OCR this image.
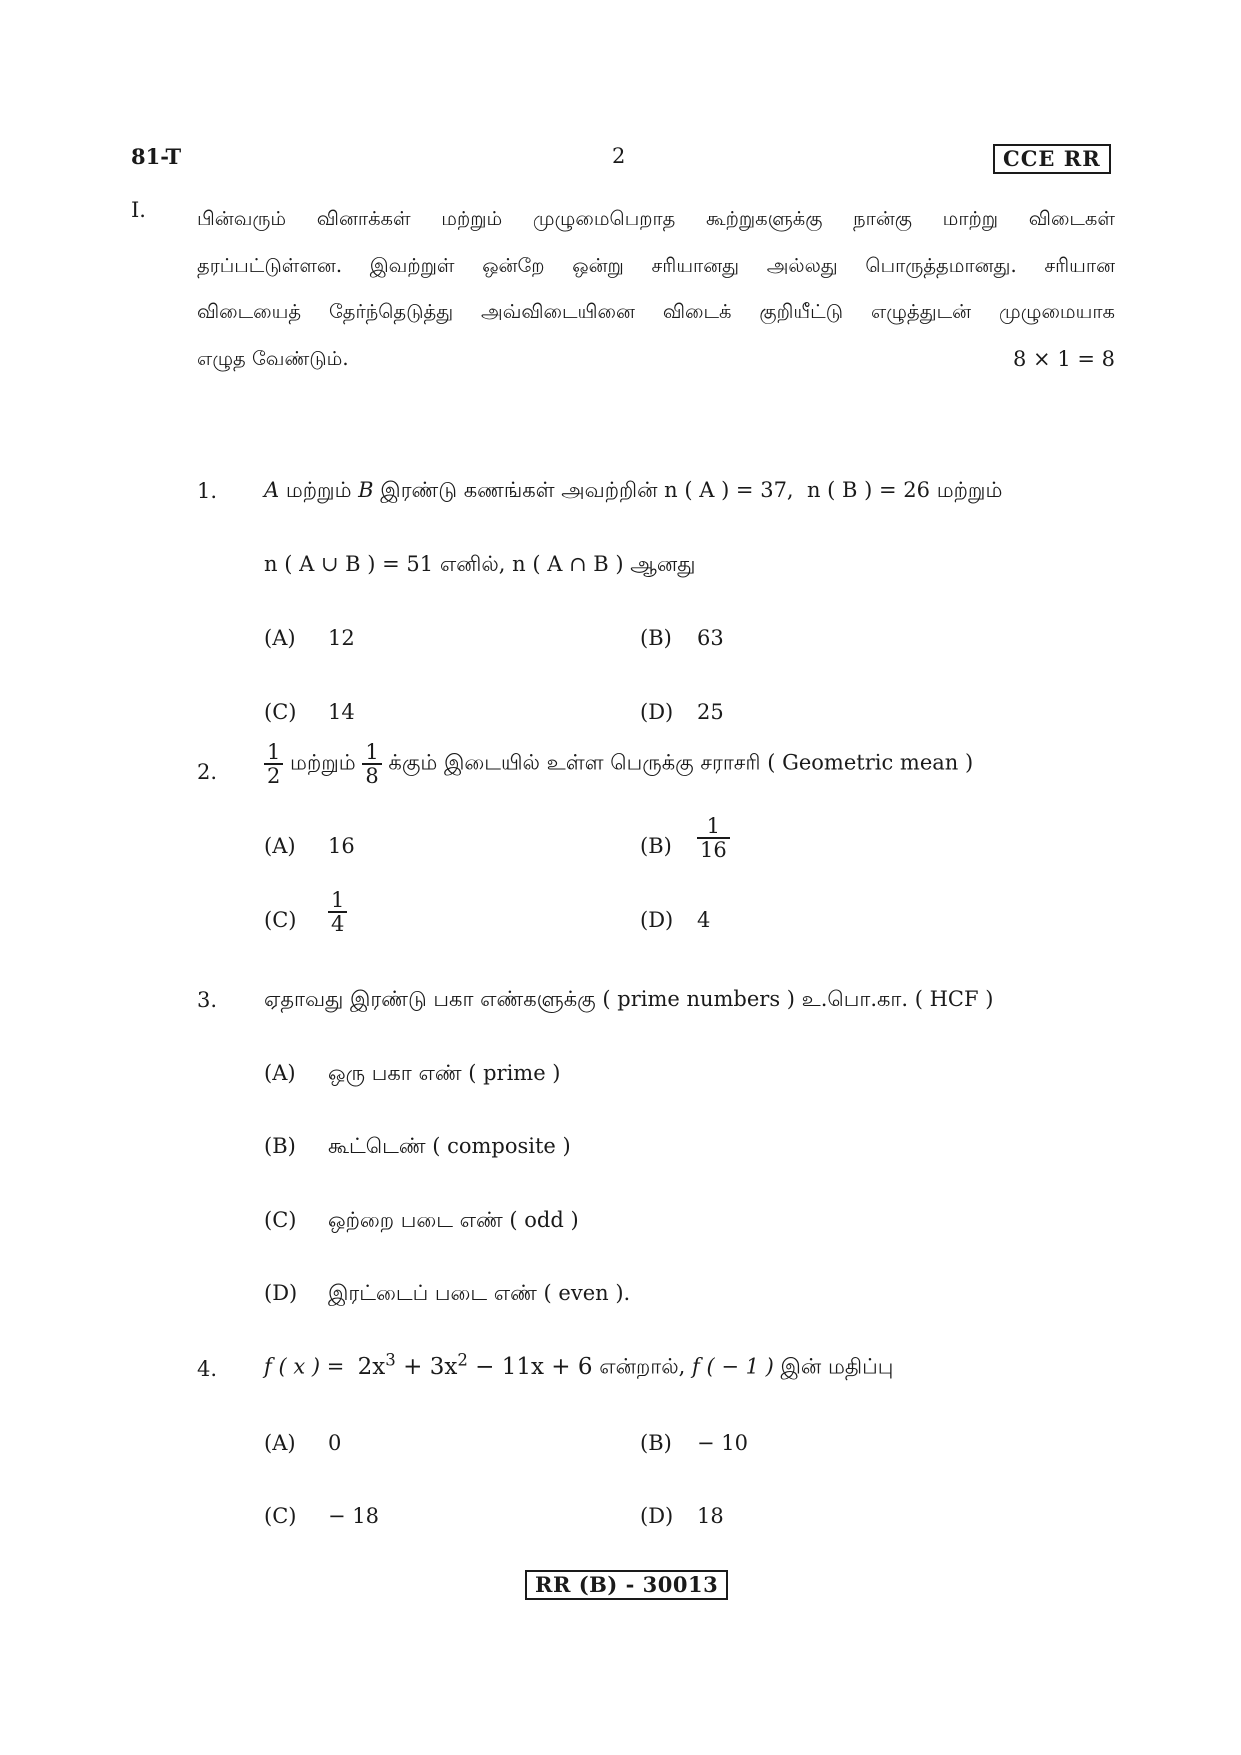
81-T	2	CCE RR
I.	பின்வரும் வினாக்கள் மற்றும் முழுமைபெறாத கூற்றுகளுக்கு நான்கு மாற்று விடைகள்
தரப்பட்டுள்ளன. இவற்றுள் ஒன்றே ஒன்று சரியானது அல்லது பொருத்தமானது. சரியான
விடையைத் தேர்ந்தெடுத்து அவ்விடையினை விடைக் குறியீட்டு எழுத்துடன் முழுமையாக
எழுத வேண்டும்.	8 × 1 = 8
1. A மற்றும் B இரண்டு கணங்கள் அவற்றின் n ( A ) = 37, n ( B ) = 26 மற்றும்
n ( A ∪ B ) = 51 எனில், n ( A ∩ B ) ஆனது
(A) 12	(B) 63
(C) 14	(D) 25
2. $\frac{1}{2}$ மற்றும் $\frac{1}{8}$ க்கும் இடையில் உள்ள பெருக்கு சராசரி ( Geometric mean )
(A) 16	$(B) \frac{1}{16}$
$(C) \frac{1}{4}$	(D) 4
3. ஏதாவது இரண்டு பகா எண்களுக்கு ( prime numbers ) உ.பொ.கா. ( HCF )
(A) ஒரு பகா எண் ( prime )
(B) கூட்டெண் ( composite )
(C) ஒற்றை படை எண் ( odd )
(D) இரட்டைப் படை எண் ( even ).
4. f ( x ) = $2x^3 + 3x^2 - 11x + 6$ என்றால், f ( − 1 ) இன் மதிப்பு
(A) 0	(B) − 10
(C) − 18	(D) 18
RR (B) - 30013
